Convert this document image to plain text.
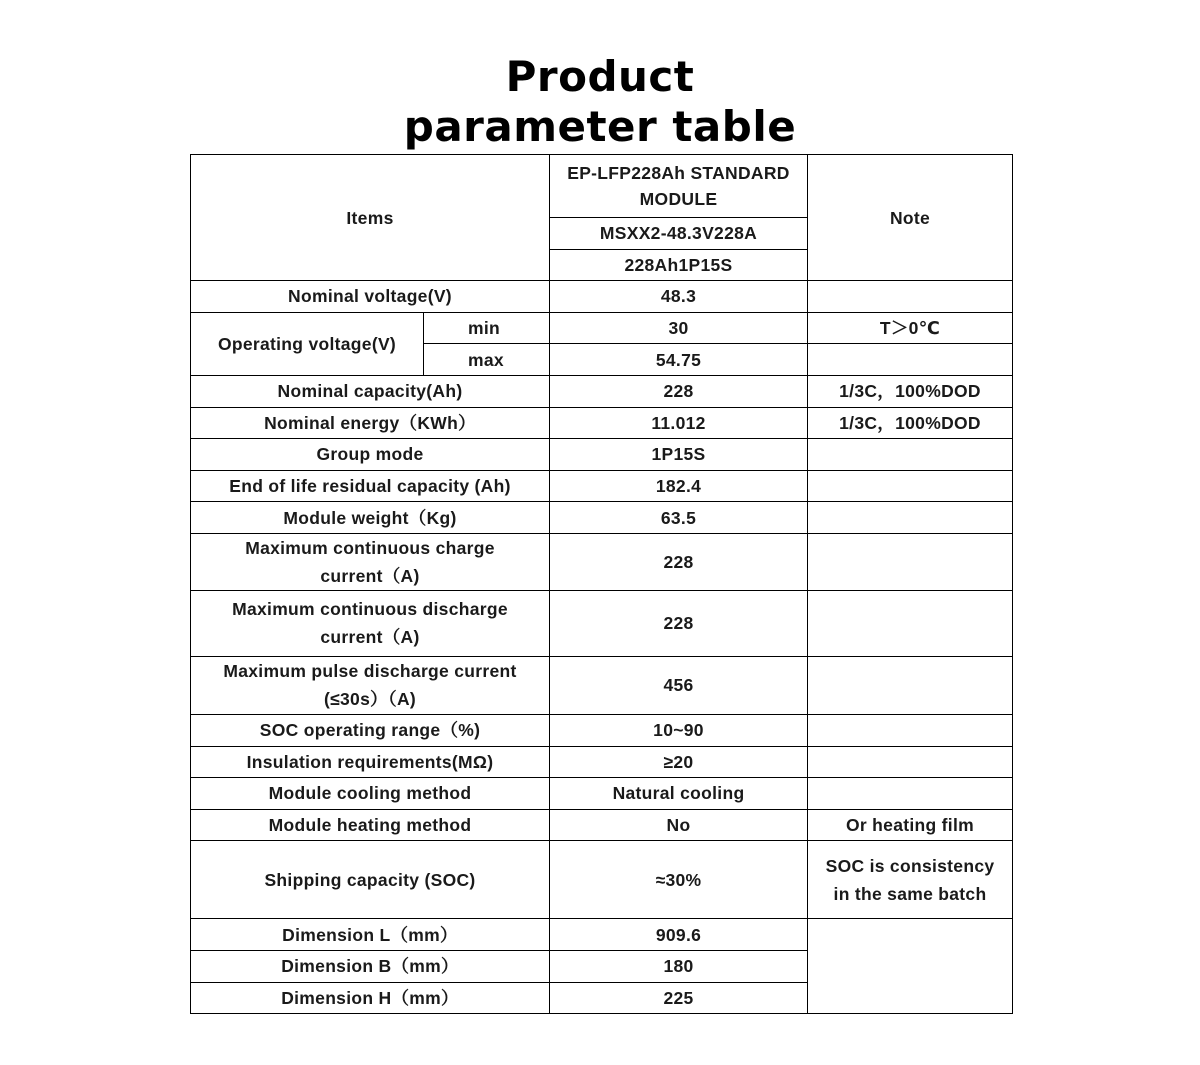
Product
parameter table
Items		EP-LFP228Ah STANDARD MODULE	Note
		MSXX2-48.3V228A	
		228Ah1P15S	
Nominal voltage(V)		48.3	
Operating voltage(V)	min	30	T＞0℃
	max	54.75	
Nominal capacity(Ah)		228	1/3C，100%DOD
Nominal energy（KWh）		11.012	1/3C，100%DOD
Group mode		1P15S	
End of life residual capacity (Ah)		182.4	
Module weight（Kg)		63.5	

Maximum continuous charge
current（A)		228	

Maximum continuous discharge
current（A)		228	

Maximum pulse discharge current
(≤30s）（A)		456	
SOC operating range（%)		10~90	
Insulation requirements(MΩ)		≥20	
Module cooling method		Natural cooling	
Module heating method		No	Or heating film
Shipping capacity (SOC)		≈30%	SOC is consistency
in the same batch

Dimension L（mm）		909.6	
Dimension B（mm）		180	
Dimension H（mm）		225	
